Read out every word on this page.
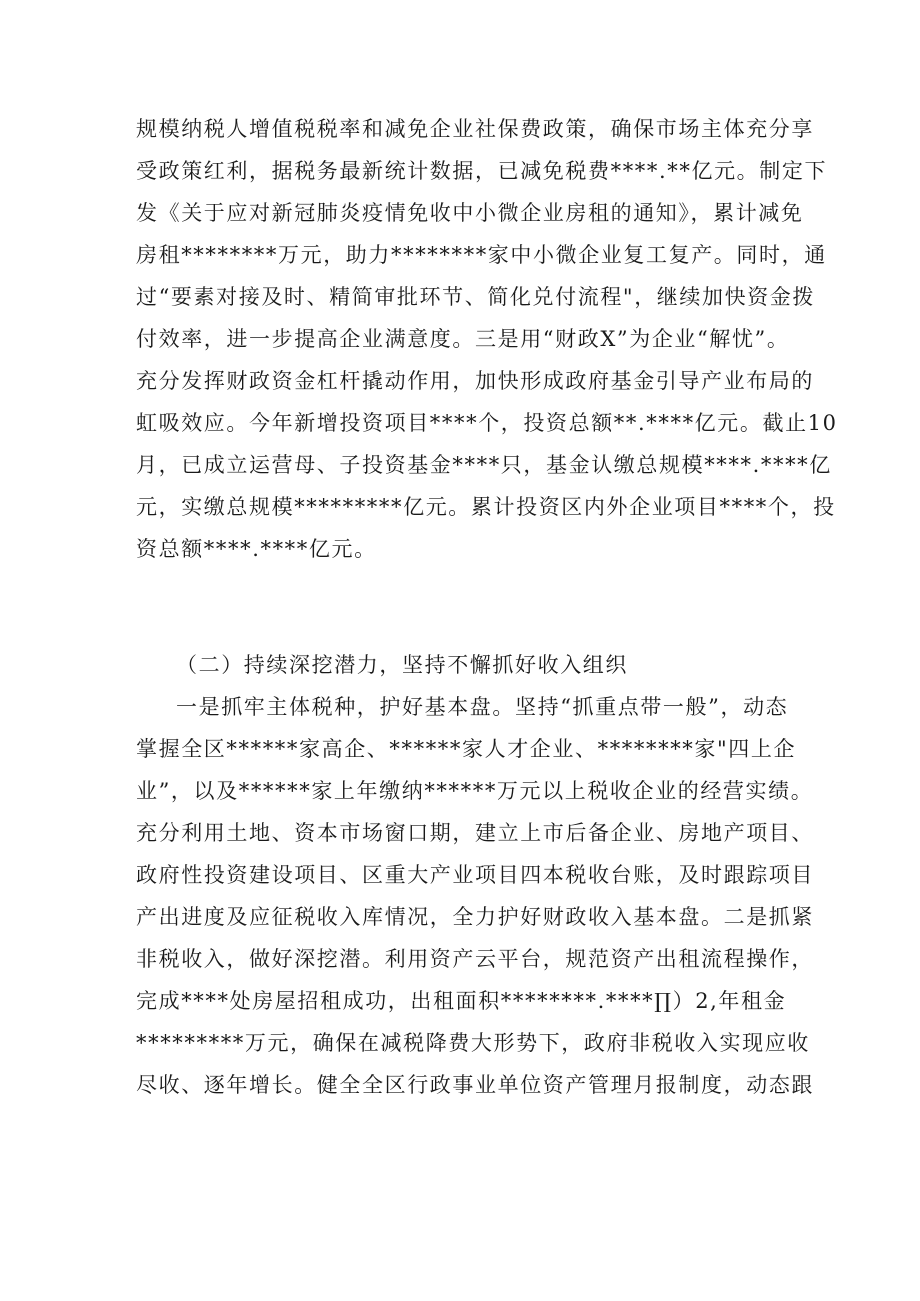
规模纳税人增值税税率和减免企业社保费政策，确保市场主体充分享
受政策红利，据税务最新统计数据，已减免税费****.**亿元。制定下
发《关于应对新冠肺炎疫情免收中小微企业房租的通知》，累计减免
房租********万元，助力********家中小微企业复工复产。同时，通
过“要素对接及时、精简审批环节、简化兑付流程"，继续加快资金拨
付效率，进一步提高企业满意度。三是用“财政X”为企业“解忧”。
充分发挥财政资金杠杆撬动作用，加快形成政府基金引导产业布局的
虹吸效应。今年新增投资项目****个，投资总额**.****亿元。截止10
月，已成立运营母、子投资基金****只，基金认缴总规模****.****亿
元，实缴总规模*********亿元。累计投资区内外企业项目****个，投
资总额****.****亿元。
（二）持续深挖潜力，坚持不懈抓好收入组织
一是抓牢主体税种，护好基本盘。坚持“抓重点带一般”，动态
掌握全区******家高企、******家人才企业、********家"四上企
业”，以及******家上年缴纳******万元以上税收企业的经营实绩。
充分利用土地、资本市场窗口期，建立上市后备企业、房地产项目、
政府性投资建设项目、区重大产业项目四本税收台账，及时跟踪项目
产出进度及应征税收入库情况，全力护好财政收入基本盘。二是抓紧
非税收入，做好深挖潜。利用资产云平台，规范资产出租流程操作，
完成****处房屋招租成功，出租面积********.****∏）2,年租金
*********万元，确保在减税降费大形势下，政府非税收入实现应收
尽收、逐年增长。健全全区行政事业单位资产管理月报制度，动态跟
